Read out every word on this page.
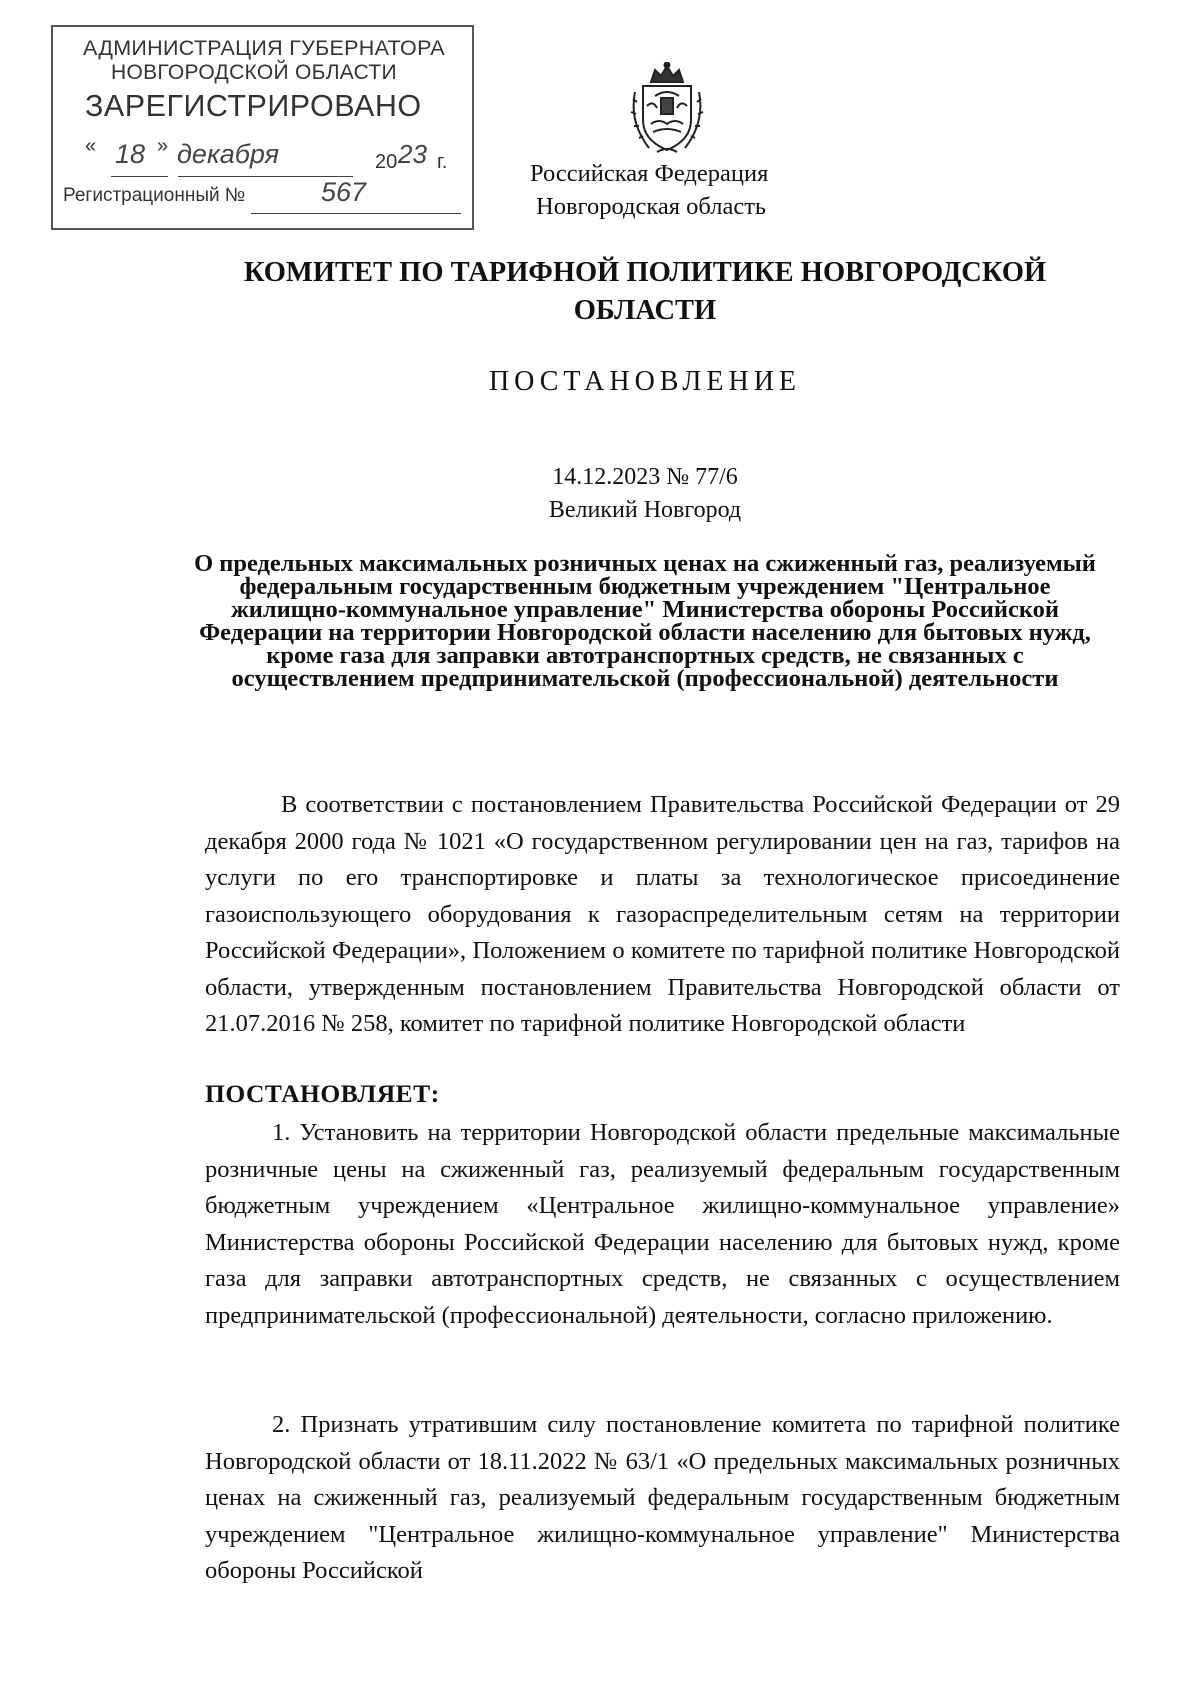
АДМИНИСТРАЦИЯ ГУБЕРНАТОРА
НОВГОРОДСКОЙ ОБЛАСТИ
ЗАРЕГИСТРИРОВАНО
« 18 » декабря	20 23 г.
Регистрационный №	567
Российская Федерация
Новгородская область
КОМИТЕТ ПО ТАРИФНОЙ ПОЛИТИКЕ НОВГОРОДСКОЙ ОБЛАСТИ
ПОСТАНОВЛЕНИЕ
14.12.2023 № 77/6
Великий Новгород
О предельных максимальных розничных ценах на сжиженный газ, реализуемый федеральным государственным бюджетным учреждением "Центральное жилищно-коммунальное управление" Министерства обороны Российской Федерации на территории Новгородской области населению для бытовых нужд, кроме газа для заправки автотранспортных средств, не связанных с осуществлением предпринимательской (профессиональной) деятельности
В соответствии с постановлением Правительства Российской Федерации от 29 декабря 2000 года № 1021 «О государственном регулировании цен на газ, тарифов на услуги по его транспортировке и платы за технологическое присоединение газоиспользующего оборудования к газораспределительным сетям на территории Российской Федерации», Положением о комитете по тарифной политике Новгородской области, утвержденным постановлением Правительства Новгородской области от 21.07.2016 № 258, комитет по тарифной политике Новгородской области
ПОСТАНОВЛЯЕТ:
1. Установить на территории Новгородской области предельные максимальные розничные цены на сжиженный газ, реализуемый федеральным государственным бюджетным учреждением «Центральное жилищно-коммунальное управление» Министерства обороны Российской Федерации населению для бытовых нужд, кроме газа для заправки автотранспортных средств, не связанных с осуществлением предпринимательской (профессиональной) деятельности, согласно приложению.
2. Признать утратившим силу постановление комитета по тарифной политике Новгородской области от 18.11.2022 № 63/1 «О предельных максимальных розничных ценах на сжиженный газ, реализуемый федеральным государственным бюджетным учреждением "Центральное жилищно-коммунальное управление" Министерства обороны Российской
